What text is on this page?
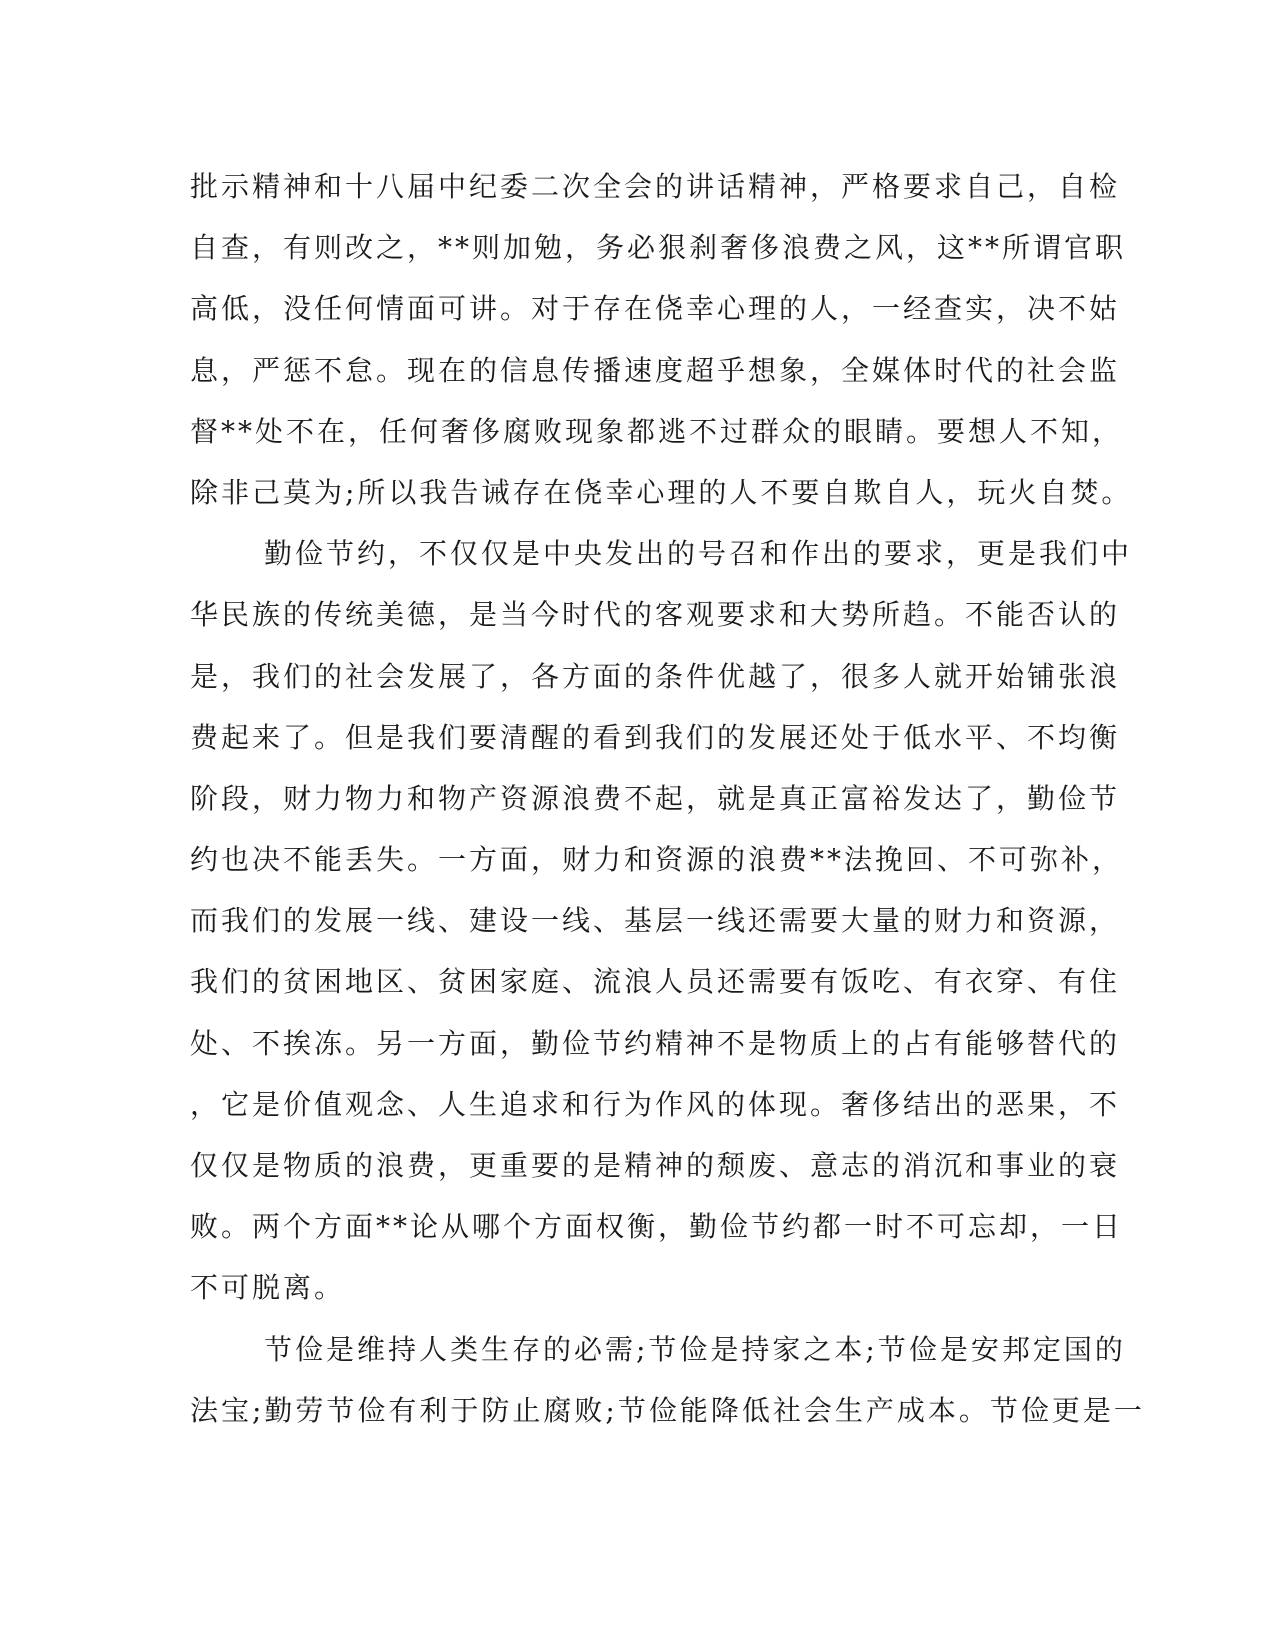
批示精神和十八届中纪委二次全会的讲话精神，严格要求自己，自检
自查，有则改之，**则加勉，务必狠刹奢侈浪费之风，这**所谓官职
高低，没任何情面可讲。对于存在侥幸心理的人，一经查实，决不姑
息，严惩不怠。现在的信息传播速度超乎想象，全媒体时代的社会监
督**处不在，任何奢侈腐败现象都逃不过群众的眼睛。要想人不知，
除非己莫为;所以我告诫存在侥幸心理的人不要自欺自人，玩火自焚。
勤俭节约，不仅仅是中央发出的号召和作出的要求，更是我们中
华民族的传统美德，是当今时代的客观要求和大势所趋。不能否认的
是，我们的社会发展了，各方面的条件优越了，很多人就开始铺张浪
费起来了。但是我们要清醒的看到我们的发展还处于低水平、不均衡
阶段，财力物力和物产资源浪费不起，就是真正富裕发达了，勤俭节
约也决不能丢失。一方面，财力和资源的浪费**法挽回、不可弥补，
而我们的发展一线、建设一线、基层一线还需要大量的财力和资源，
我们的贫困地区、贫困家庭、流浪人员还需要有饭吃、有衣穿、有住
处、不挨冻。另一方面，勤俭节约精神不是物质上的占有能够替代的
，它是价值观念、人生追求和行为作风的体现。奢侈结出的恶果，不
仅仅是物质的浪费，更重要的是精神的颓废、意志的消沉和事业的衰
败。两个方面**论从哪个方面权衡，勤俭节约都一时不可忘却，一日
不可脱离。
节俭是维持人类生存的必需;节俭是持家之本;节俭是安邦定国的
法宝;勤劳节俭有利于防止腐败;节俭能降低社会生产成本。节俭更是一
